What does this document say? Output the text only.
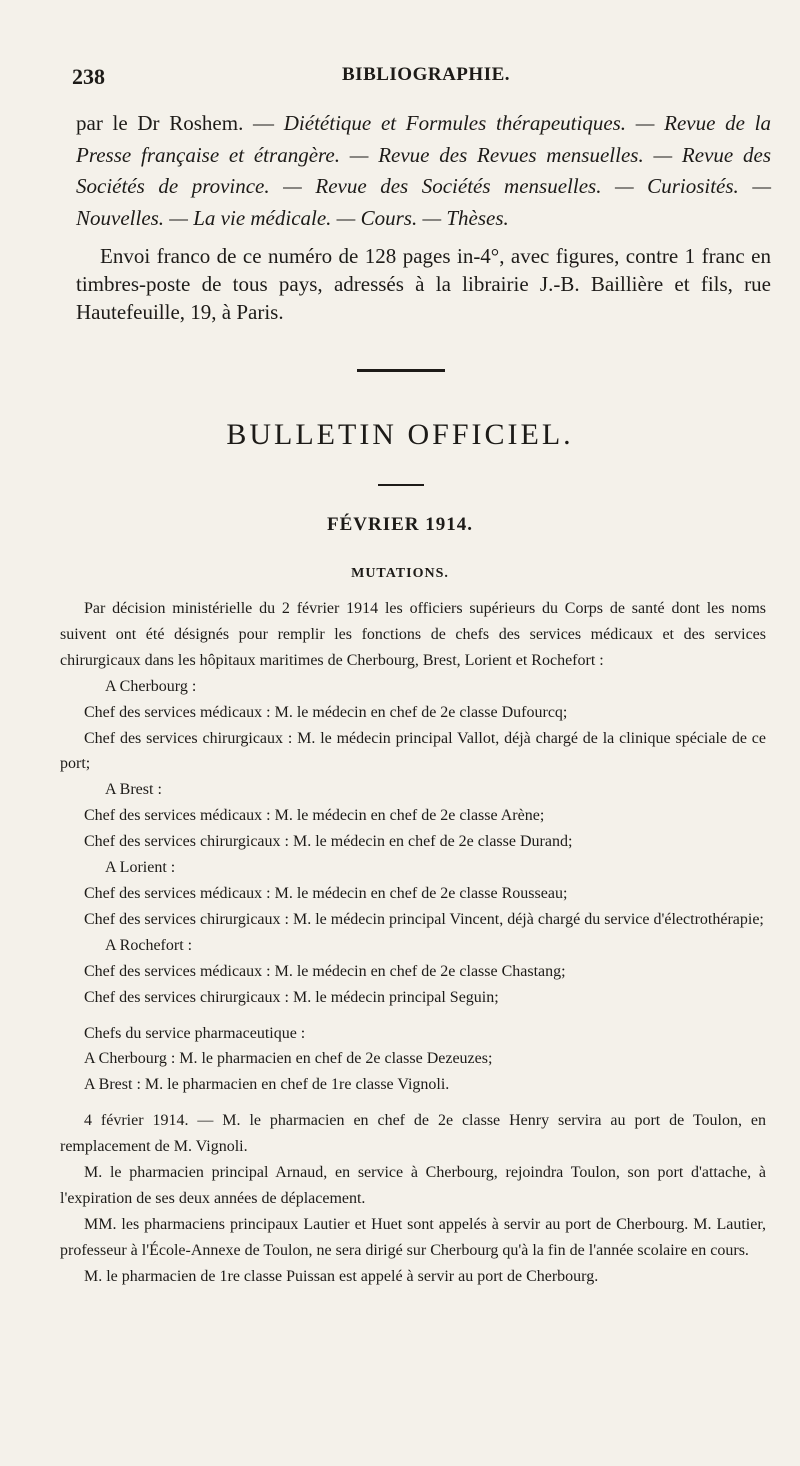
238	BIBLIOGRAPHIE.

par le Dr Roshem. — Diététique et Formules thérapeutiques. — Revue de la Presse française et étrangère. — Revue des Revues mensuelles. — Revue des Sociétés de province. — Revue des Sociétés mensuelles. — Curiosités. — Nouvelles. — La vie médicale. — Cours. — Thèses.

Envoi franco de ce numéro de 128 pages in-4°, avec figures, contre 1 franc en timbres-poste de tous pays, adressés à la librairie J.-B. Baillière et fils, rue Hautefeuille, 19, à Paris.

BULLETIN OFFICIEL.
FÉVRIER 1914.
MUTATIONS.

Par décision ministérielle du 2 février 1914 les officiers supérieurs du Corps de santé dont les noms suivent ont été désignés pour remplir les fonctions de chefs des services médicaux et des services chirurgicaux dans les hôpitaux maritimes de Cherbourg, Brest, Lorient et Rochefort :

A Cherbourg :

Chef des services médicaux : M. le médecin en chef de 2e classe Dufourcq;

Chef des services chirurgicaux : M. le médecin principal Vallot, déjà chargé de la clinique spéciale de ce port;

A Brest :

Chef des services médicaux : M. le médecin en chef de 2e classe Arène;

Chef des services chirurgicaux : M. le médecin en chef de 2e classe Durand;

A Lorient :

Chef des services médicaux : M. le médecin en chef de 2e classe Rousseau;

Chef des services chirurgicaux : M. le médecin principal Vincent, déjà chargé du service d'électrothérapie;

A Rochefort :

Chef des services médicaux : M. le médecin en chef de 2e classe Chastang;

Chef des services chirurgicaux : M. le médecin principal Seguin;

Chefs du service pharmaceutique :

A Cherbourg : M. le pharmacien en chef de 2e classe Dezeuzes;

A Brest : M. le pharmacien en chef de 1re classe Vignoli.

4 février 1914. — M. le pharmacien en chef de 2e classe Henry servira au port de Toulon, en remplacement de M. Vignoli.

M. le pharmacien principal Arnaud, en service à Cherbourg, rejoindra Toulon, son port d'attache, à l'expiration de ses deux années de déplacement.

MM. les pharmaciens principaux Lautier et Huet sont appelés à servir au port de Cherbourg. M. Lautier, professeur à l'École-Annexe de Toulon, ne sera dirigé sur Cherbourg qu'à la fin de l'année scolaire en cours.

M. le pharmacien de 1re classe Puissan est appelé à servir au port de Cherbourg.
